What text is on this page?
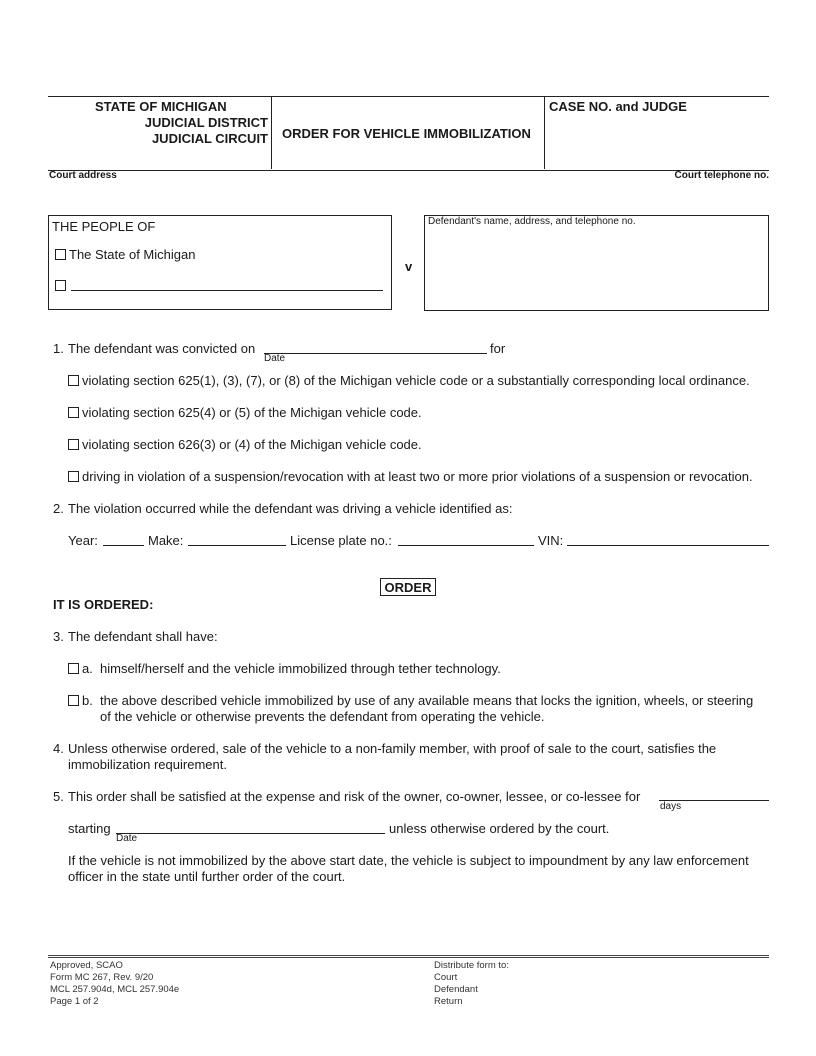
STATE OF MICHIGAN
JUDICIAL DISTRICT
JUDICIAL CIRCUIT ORDER FOR VEHICLE IMMOBILIZATION
CASE NO. and JUDGE
Court address	Court telephone no.
THE PEOPLE OF
The State of Michigan
v
Defendant's name, address, and telephone no.
1. The defendant was convicted on
Date
for
violating section 625(1), (3), (7), or (8) of the Michigan vehicle code or a substantially corresponding local ordinance.
violating section 625(4) or (5) of the Michigan vehicle code.
violating section 626(3) or (4) of the Michigan vehicle code.
driving in violation of a suspension/revocation with at least two or more prior violations of a suspension or revocation.
2. The violation occurred while the defendant was driving a vehicle identified as:
Year:	Make:	License plate no.:	VIN:
ORDER
IT IS ORDERED:
3. The defendant shall have:
a. himself/herself and the vehicle immobilized through tether technology.
b. the above described vehicle immobilized by use of any available means that locks the ignition, wheels, or steering
of the vehicle or otherwise prevents the defendant from operating the vehicle.
4. Unless otherwise ordered, sale of the vehicle to a non-family member, with proof of sale to the court, satisfies the
immobilization requirement.
5. This order shall be satisfied at the expense and risk of the owner, co-owner, lessee, or co-lessee for
days
starting
Date
unless otherwise ordered by the court.
If the vehicle is not immobilized by the above start date, the vehicle is subject to impoundment by any law enforcement
officer in the state until further order of the court.
Approved, SCAO
Form MC 267, Rev. 9/20
MCL 257.904d, MCL 257.904e
Page 1 of 2
Distribute form to:
Court
Defendant
Return
